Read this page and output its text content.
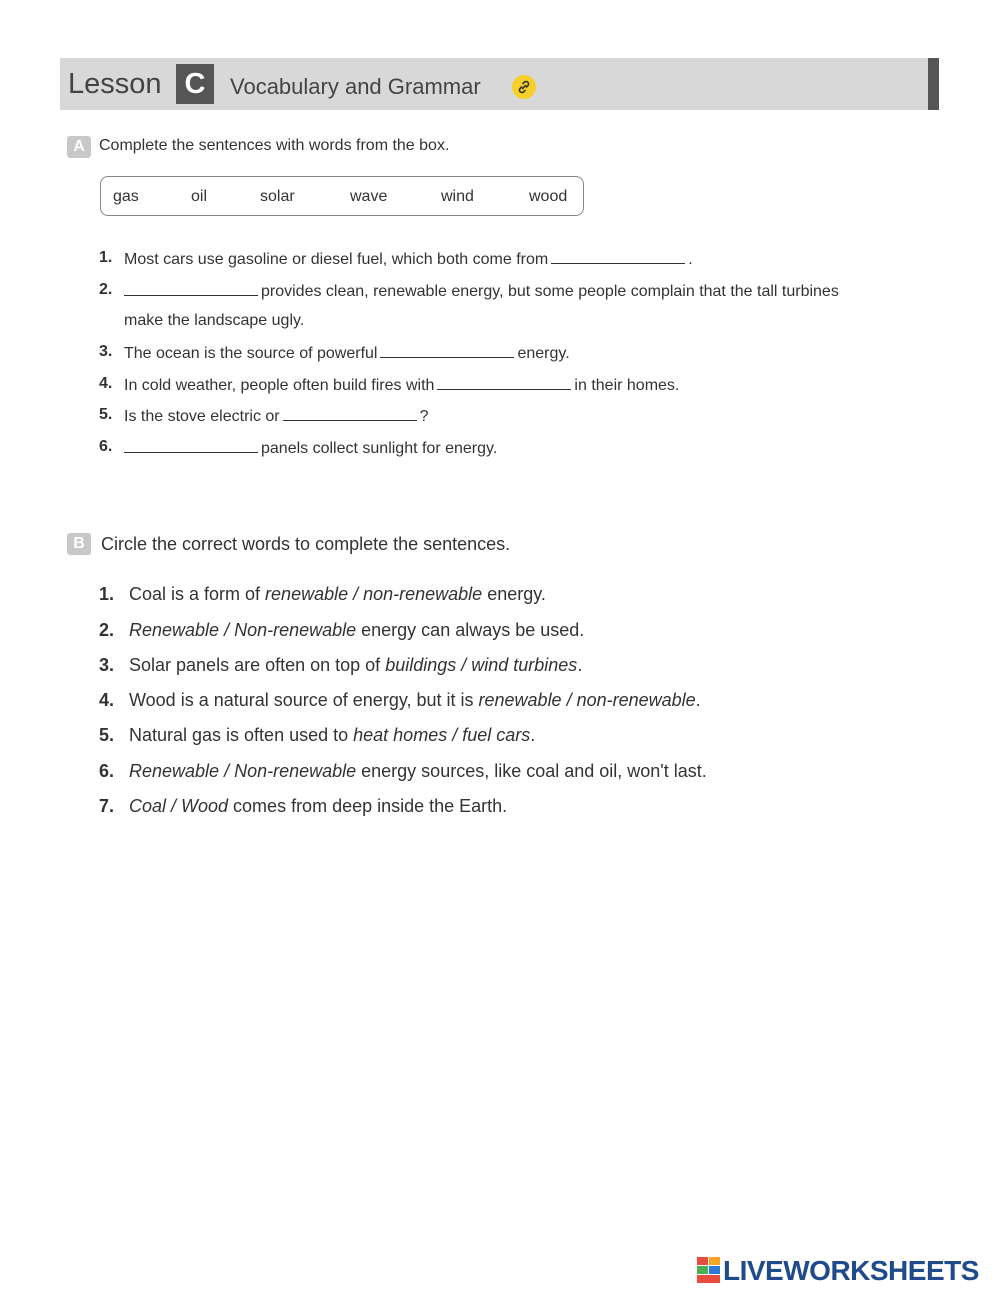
Lesson C	Vocabulary and Grammar
A Complete the sentences with words from the box.
gas	oil	solar	wave	wind	wood
1. Most cars use gasoline or diesel fuel, which both come from	.
2.	provides clean, renewable energy, but some people complain that the tall turbines
make the landscape ugly.
3. The ocean is the source of powerful	energy.
4. In cold weather, people often build fires with	in their homes.
5. Is the stove electric or	?
6.	panels collect sunlight for energy.
B Circle the correct words to complete the sentences.
1. Coal is a form of renewable / non-renewable energy.
2. Renewable / Non-renewable energy can always be used.
3. Solar panels are often on top of buildings / wind turbines.
4. Wood is a natural source of energy, but it is renewable / non-renewable.
5. Natural gas is often used to heat homes / fuel cars.
6. Renewable / Non-renewable energy sources, like coal and oil, won't last.
7. Coal / Wood comes from deep inside the Earth.
LIVEWORKSHEETS
